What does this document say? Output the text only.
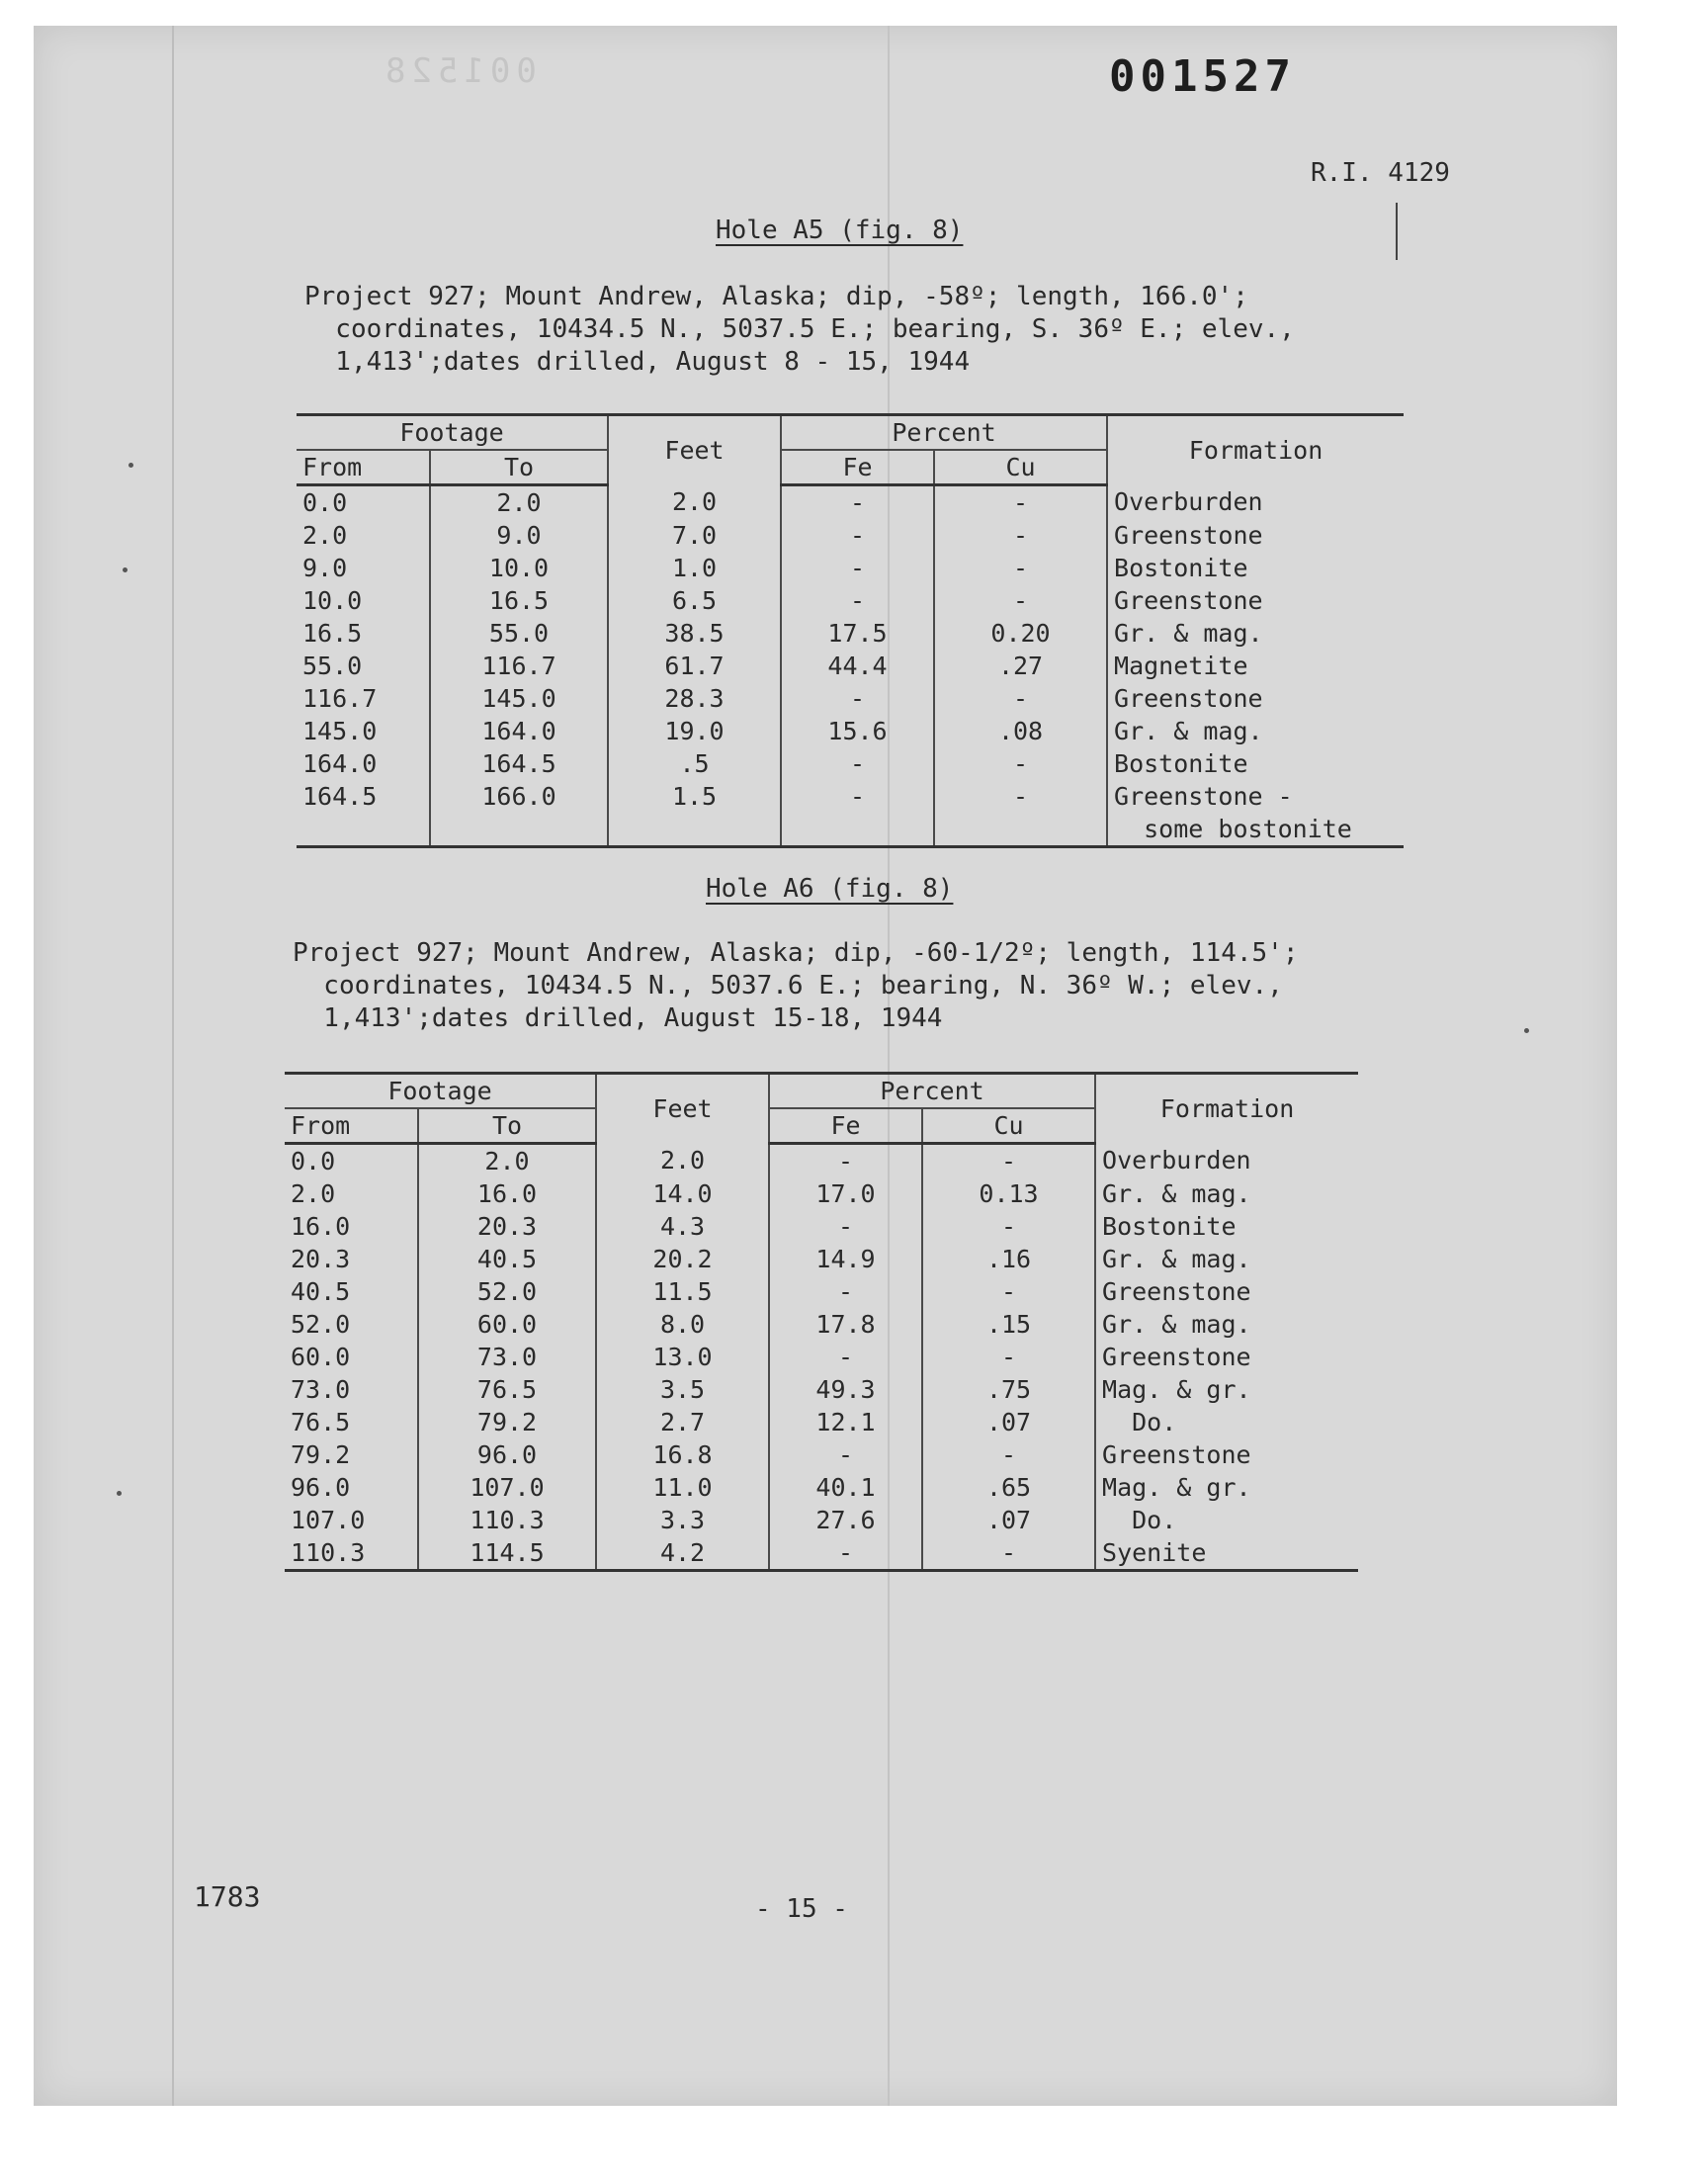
001528	001527
R.I. 4129
Hole A5 (fig. 8)
Project 927; Mount Andrew, Alaska; dip, -58º; length, 166.0';
coordinates, 10434.5 N., 5037.5 E.; bearing, S. 36º E.; elev.,
1,413';dates drilled, August 8 - 15, 1944
Footage		Feet	Percent		Formation
From	To		Fe	Cu	
0.0	2.0	2.0	-	-	Overburden
2.0	9.0	7.0	-	-	Greenstone
9.0	10.0	1.0	-	-	Bostonite
10.0	16.5	6.5	-	-	Greenstone
16.5	55.0	38.5	17.5	0.20	Gr. & mag.
55.0	116.7	61.7	44.4	.27	Magnetite
116.7	145.0	28.3	-	-	Greenstone
145.0	164.0	19.0	15.6	.08	Gr. & mag.
164.0	164.5	.5	-	-	Bostonite
164.5	166.0	1.5	-	-	Greenstone -
					some bostonite
Hole A6 (fig. 8)
Project 927; Mount Andrew, Alaska; dip, -60-1/2º; length, 114.5';
coordinates, 10434.5 N., 5037.6 E.; bearing, N. 36º W.; elev.,
1,413';dates drilled, August 15-18, 1944
Footage		Feet	Percent		Formation
From	To		Fe	Cu	
0.0	2.0	2.0	-	-	Overburden
2.0	16.0	14.0	17.0	0.13	Gr. & mag.
16.0	20.3	4.3	-	-	Bostonite
20.3	40.5	20.2	14.9	.16	Gr. & mag.
40.5	52.0	11.5	-	-	Greenstone
52.0	60.0	8.0	17.8	.15	Gr. & mag.
60.0	73.0	13.0	-	-	Greenstone
73.0	76.5	3.5	49.3	.75	Mag. & gr.
76.5	79.2	2.7	12.1	.07	Do.
79.2	96.0	16.8	-	-	Greenstone
96.0	107.0	11.0	40.1	.65	Mag. & gr.
107.0	110.3	3.3	27.6	.07	Do.
110.3	114.5	4.2	-	-	Syenite
1783	- 15 -
